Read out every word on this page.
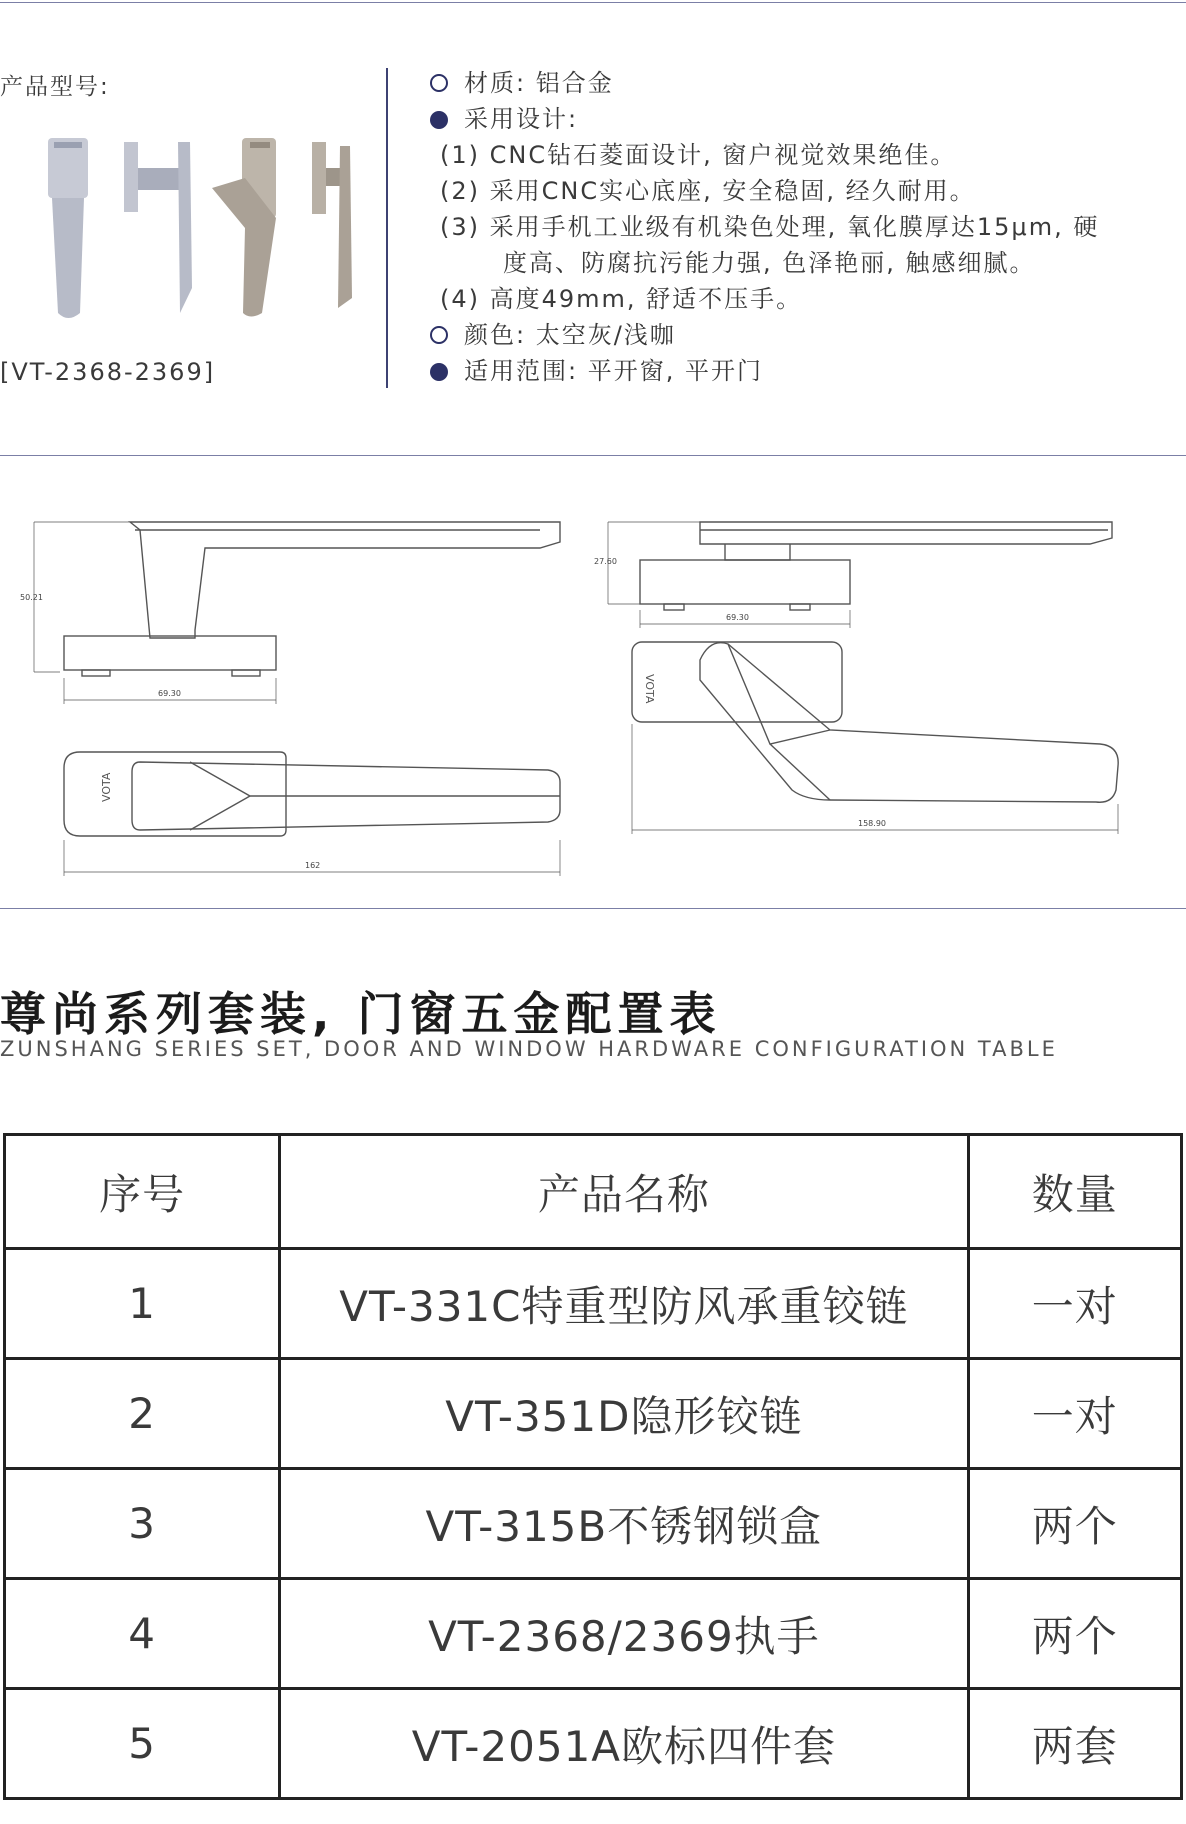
产品型号:
[VT-2368-2369]
材质: 铝合金
采用设计:
(1) CNC钻石菱面设计, 窗户视觉效果绝佳。
(2) 采用CNC实心底座, 安全稳固, 经久耐用。
(3) 采用手机工业级有机染色处理, 氧化膜厚达15μm, 硬
度高、防腐抗污能力强, 色泽艳丽, 触感细腻。
(4) 高度49mm, 舒适不压手。
颜色: 太空灰/浅咖
适用范围: 平开窗, 平开门
50.21
69.30
VOTA
162
27.60
69.30
VOTA
158.90
尊尚系列套装, 门窗五金配置表
ZUNSHANG SERIES SET, DOOR AND WINDOW HARDWARE CONFIGURATION TABLE
序号	产品名称	数量
1	VT-331C特重型防风承重铰链	一对
2	VT-351D隐形铰链	一对
3	VT-315B不锈钢锁盒	两个
4	VT-2368/2369执手	两个
5	VT-2051A欧标四件套	两套
